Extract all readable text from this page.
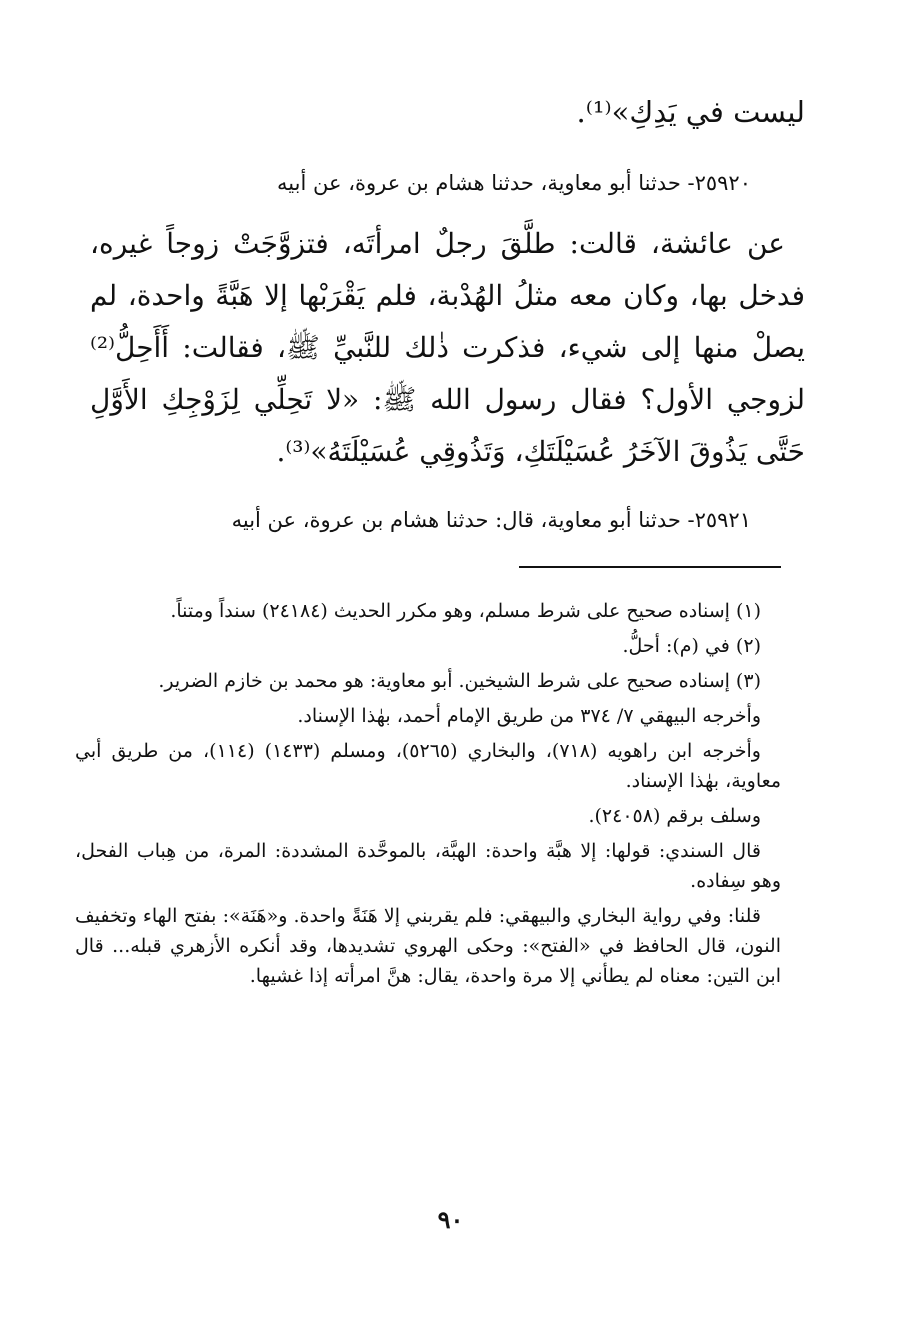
ليست في يَدِكِ»⁽¹⁾.
٢٥٩٢٠- حدثنا أبو معاوية، حدثنا هشام بن عروة، عن أبيه

عن عائشة، قالت: طلَّقَ رجلٌ امرأتَه، فتزوَّجَتْ زوجاً غيره، فدخل بها، وكان معه مثلُ الهُدْبة، فلم يَقْرَبْها إلا هَبَّةً واحدة، لم يصلْ منها إلى شيء، فذكرت ذٰلك للنَّبيِّ ﷺ، فقالت: أَأَحِلُّ⁽²⁾ لزوجي الأول؟ فقال رسول الله ﷺ: «لا تَحِلِّي لِزَوْجِكِ الأَوَّلِ حَتَّى يَذُوقَ الآخَرُ عُسَيْلَتَكِ، وَتَذُوقِي عُسَيْلَتَهُ»⁽³⁾.

٢٥٩٢١- حدثنا أبو معاوية، قال: حدثنا هشام بن عروة، عن أبيه

(١) إسناده صحيح على شرط مسلم، وهو مكرر الحديث (٢٤١٨٤) سنداً ومتناً.

(٢) في (م): أحلُّ.

(٣) إسناده صحيح على شرط الشيخين. أبو معاوية: هو محمد بن خازم الضرير.

وأخرجه البيهقي ٧/ ٣٧٤ من طريق الإمام أحمد، بهٰذا الإسناد.

وأخرجه ابن راهويه (٧١٨)، والبخاري (٥٢٦٥)، ومسلم (١٤٣٣) (١١٤)، من طريق أبي معاوية، بهٰذا الإسناد.

وسلف برقم (٢٤٠٥٨).

قال السندي: قولها: إلا هبَّة واحدة: الهبَّة، بالموحَّدة المشددة: المرة، من هِباب الفحل، وهو سِفاده.

قلنا: وفي رواية البخاري والبيهقي: فلم يقربني إلا هَنَةً واحدة. و«هَنَة»: بفتح الهاء وتخفيف النون، قال الحافظ في «الفتح»: وحكى الهروي تشديدها، وقد أنكره الأزهري قبله... قال ابن التين: معناه لم يطأني إلا مرة واحدة، يقال: هنَّ امرأته إذا غشيها.

٩٠
